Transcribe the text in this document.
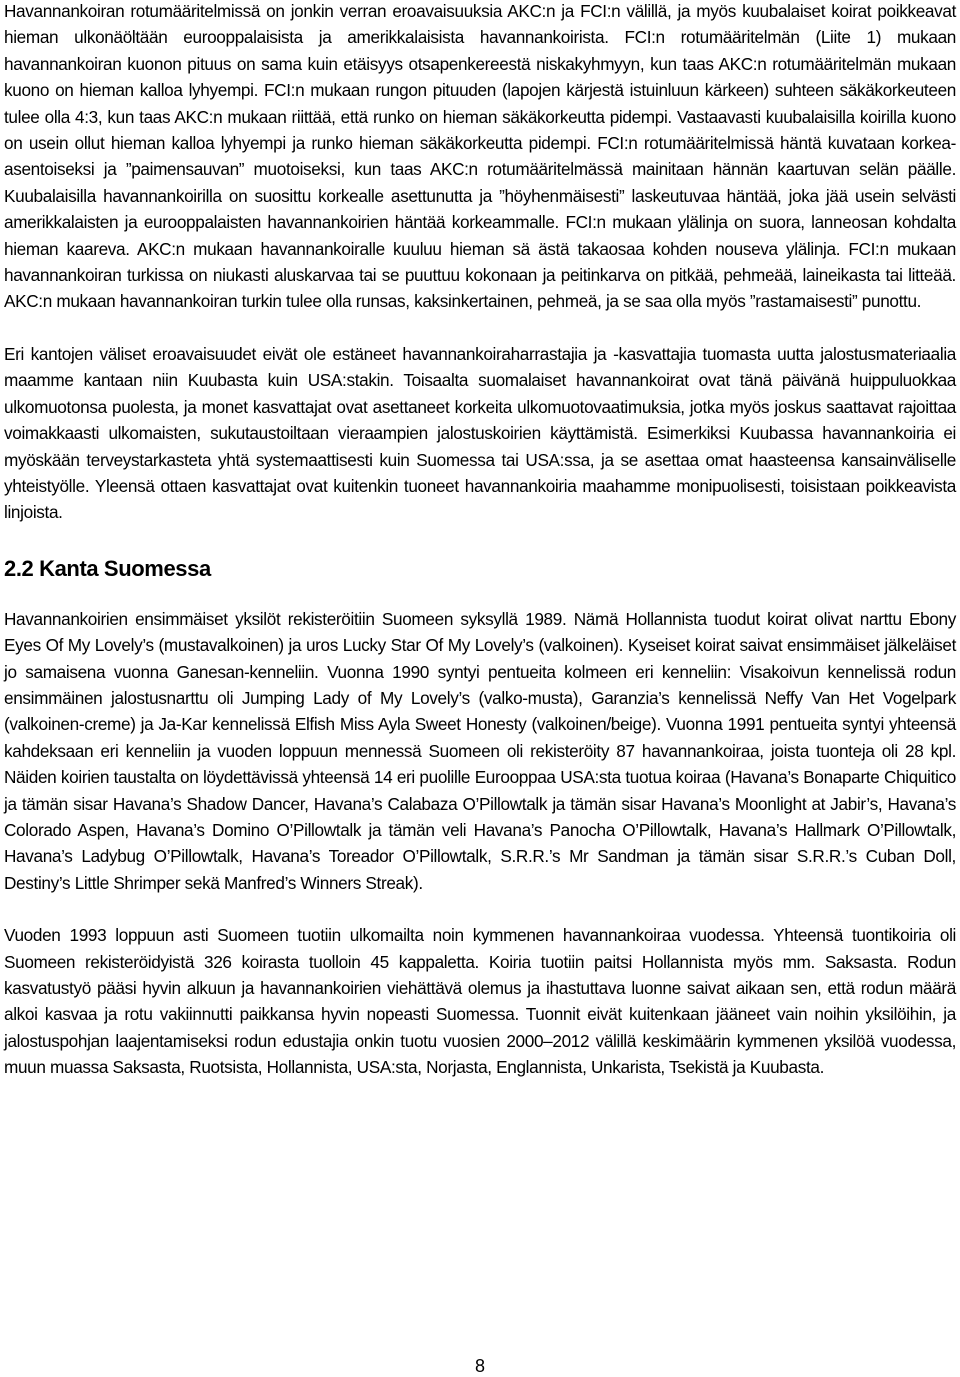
Havannankoiran rotumääritelmissä on jonkin verran eroavaisuuksia AKC:n ja FCI:n välillä, ja myös kuubalaiset koirat poikkeavat hieman ulkonäöltään eurooppalaisista ja amerikkalaisista havannankoirista. FCI:n rotumääritelmän (Liite 1) mukaan havannankoiran kuonon pituus on sama kuin etäisyys otsapenkereestä niskakyhmyyn, kun taas AKC:n rotumääritelmän mukaan kuono on hieman kalloa lyhyempi. FCI:n mukaan rungon pituuden (lapojen kärjestä istuinluun kärkeen) suhteen säkäkorkeuteen tulee olla 4:3, kun taas AKC:n mukaan riittää, että runko on hieman säkäkorkeutta pidempi. Vastaavasti kuubalaisilla koirilla kuono on usein ollut hieman kalloa lyhyempi ja runko hieman säkäkorkeutta pidempi. FCI:n rotumääritelmissä häntä kuvataan korkea-asentoiseksi ja ”paimensauvan” muotoiseksi, kun taas AKC:n rotumääritelmässä mainitaan hännän kaartuvan selän päälle. Kuubalaisilla havannankoirilla on suosittu korkealle asettunutta ja ”höyhenmäisesti” laskeutuvaa häntää, joka jää usein selvästi amerikkalaisten ja eurooppalaisten havannankoirien häntää korkeammalle. FCI:n mukaan ylälinja on suora, lanneosan kohdalta hieman kaareva. AKC:n mukaan havannankoiralle kuuluu hieman sä ästä takaosaa kohden nouseva ylälinja. FCI:n mukaan havannankoiran turkissa on niukasti aluskarvaa tai se puuttuu kokonaan ja peitinkarva on pitkää, pehmeää, laineikasta tai litteää. AKC:n mukaan havannankoiran turkin tulee olla runsas, kaksinkertainen, pehmeä, ja se saa olla myös ”rastamaisesti” punottu.

Eri kantojen väliset eroavaisuudet eivät ole estäneet havannankoiraharrastajia ja -kasvattajia tuomasta uutta jalostusmateriaalia maamme kantaan niin Kuubasta kuin USA:stakin. Toisaalta suomalaiset havannankoirat ovat tänä päivänä huippuluokkaa ulkomuotonsa puolesta, ja monet kasvattajat ovat asettaneet korkeita ulkomuotovaatimuksia, jotka myös joskus saattavat rajoittaa voimakkaasti ulkomaisten, sukutaustoiltaan vieraampien jalostuskoirien käyttämistä. Esimerkiksi Kuubassa havannankoiria ei myöskään terveystarkasteta yhtä systemaattisesti kuin Suomessa tai USA:ssa, ja se asettaa omat haasteensa kansainväliselle yhteistyölle. Yleensä ottaen kasvattajat ovat kuitenkin tuoneet havannankoiria maahamme monipuolisesti, toisistaan poikkeavista linjoista.

2.2 Kanta Suomessa

Havannankoirien ensimmäiset yksilöt rekisteröitiin Suomeen syksyllä 1989. Nämä Hollannista tuodut koirat olivat narttu Ebony Eyes Of My Lovely’s (mustavalkoinen) ja uros Lucky Star Of My Lovely’s (valkoinen). Kyseiset koirat saivat ensimmäiset jälkeläiset jo samaisena vuonna Ganesan-kenneliin. Vuonna 1990 syntyi pentueita kolmeen eri kenneliin: Visakoivun kennelissä rodun ensimmäinen jalostusnarttu oli Jumping Lady of My Lovely’s (valko-musta), Garanzia’s kennelissä Neffy Van Het Vogelpark (valkoinen-creme) ja Ja-Kar kennelissä Elfish Miss Ayla Sweet Honesty (valkoinen/beige). Vuonna 1991 pentueita syntyi yhteensä kahdeksaan eri kenneliin ja vuoden loppuun mennessä Suomeen oli rekisteröity 87 havannankoiraa, joista tuonteja oli 28 kpl. Näiden koirien taustalta on löydettävissä yhteensä 14 eri puolille Eurooppaa USA:sta tuotua koiraa (Havana’s Bonaparte Chiquitico ja tämän sisar Havana’s Shadow Dancer, Havana’s Calabaza O’Pillowtalk ja tämän sisar Havana’s Moonlight at Jabir’s, Havana’s Colorado Aspen, Havana’s Domino O’Pillowtalk ja tämän veli Havana’s Panocha O’Pillowtalk, Havana’s Hallmark O’Pillowtalk, Havana’s Ladybug O’Pillowtalk, Havana’s Toreador O’Pillowtalk, S.R.R.’s Mr Sandman ja tämän sisar S.R.R.’s Cuban Doll, Destiny’s Little Shrimper sekä Manfred’s Winners Streak).

Vuoden 1993 loppuun asti Suomeen tuotiin ulkomailta noin kymmenen havannankoiraa vuodessa. Yhteensä tuontikoiria oli Suomeen rekisteröidyistä 326 koirasta tuolloin 45 kappaletta. Koiria tuotiin paitsi Hollannista myös mm. Saksasta. Rodun kasvatustyö pääsi hyvin alkuun ja havannankoirien viehättävä olemus ja ihastuttava luonne saivat aikaan sen, että rodun määrä alkoi kasvaa ja rotu vakiinnutti paikkansa hyvin nopeasti Suomessa. Tuonnit eivät kuitenkaan jääneet vain noihin yksilöihin, ja jalostuspohjan laajentamiseksi rodun edustajia onkin tuotu vuosien 2000–2012 välillä keskimäärin kymmenen yksilöä vuodessa, muun muassa Saksasta, Ruotsista, Hollannista, USA:sta, Norjasta, Englannista, Unkarista, Tsekistä ja Kuubasta.

8
